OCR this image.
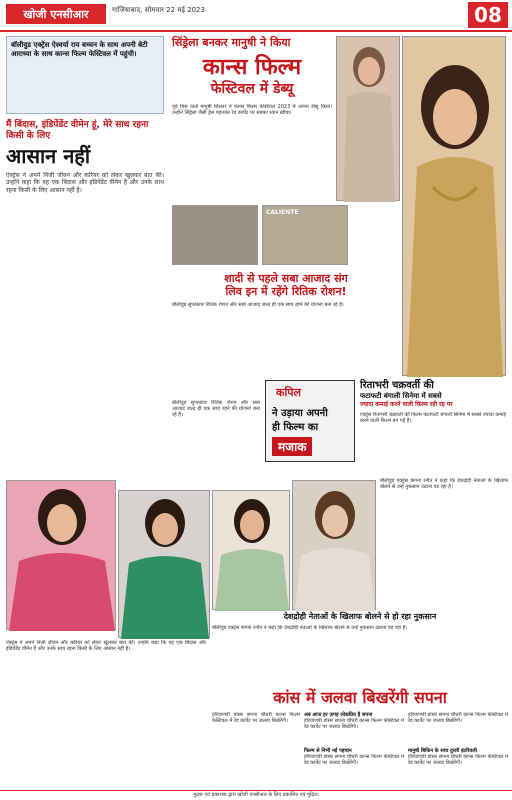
खोजी एनसीआर	गाजियाबाद, सोमवार 22 मई 2023	08
बॉलीवुड एक्ट्रेस ऐश्वर्या राय बच्चन के साथ अपनी बेटी आराध्या के साथ कान्स फिल्म फेस्टिवल में पहुंची।
मैं बिंदास, इंडिपेंडेंट वीमेन हूं, मेरे साथ रहना किसी के लिए
आसान नहीं
ऐक्ट्रेस ने अपने निजी जीवन और करियर को लेकर खुलकर बात की। उन्होंने कहा कि वह एक बिंदास और इंडिपेंडेंट वीमेन हैं और उनके साथ रहना किसी के लिए आसान नहीं है।
सिंड्रेला बनकर मानुषी ने किया
कान्स फिल्म
फेस्टिवल में डेब्यू
पूर्व मिस वर्ल्ड मानुषी छिल्लर ने कान्स फिल्म फेस्टिवल 2023 में अपना डेब्यू किया। उन्होंने सिंड्रेला जैसी ड्रेस पहनकर रेड कार्पेट पर सबका ध्यान खींचा।
CALIENTE
शादी से पहले सबा आजाद संग
लिव इन में रहेंगे रितिक रोशन!
बॉलीवुड सुपरस्टार रितिक रोशन और सबा आजाद जल्द ही एक साथ रहने की योजना बना रहे हैं।
कपिल
ने उड़ाया अपनी
ही फिल्म का
मजाक
बॉलीवुड सुपरस्टार रितिक रोशन और सबा आजाद जल्द ही एक साथ रहने की योजना बना रहे हैं।
रिताभरी चक्रवर्ती की
फटाफटी बंगाली सिनेमा में सबसे
ज्यादा कमाई करने वाली फिल्म रही रह पर
एक्ट्रेस रिताभरी चक्रवर्ती की फिल्म फटाफटी बंगाली सिनेमा में सबसे ज्यादा कमाई करने वाली फिल्म बन गई है।
देशद्रोही नेताओं के खिलाफ बोलने से हो रहा नुकसान
बॉलीवुड एक्ट्रेस कंगना रनौत ने कहा कि देशद्रोही नेताओं के खिलाफ बोलने से उन्हें नुकसान उठाना पड़ रहा है।
बॉलीवुड एक्ट्रेस कंगना रनौत ने कहा कि देशद्रोही नेताओं के खिलाफ बोलने से उन्हें नुकसान उठाना पड़ रहा है।
कांस में जलवा बिखरेंगी सपना
हरियाणवी डांसर सपना चौधरी कान्स फिल्म फेस्टिवल में रेड कार्पेट पर जलवा बिखेरेंगी।
अब आज हर ज़गह लोकप्रिय है सपना
हरियाणवी डांसर सपना चौधरी कान्स फिल्म फेस्टिवल में रेड कार्पेट पर जलवा बिखेरेंगी।
फिल्म से निभी नई पहचान
हरियाणवी डांसर सपना चौधरी कान्स फिल्म फेस्टिवल में रेड कार्पेट पर जलवा बिखेरेंगी।
हरियाणवी डांसर सपना चौधरी कान्स फिल्म फेस्टिवल में रेड कार्पेट पर जलवा बिखेरेंगी।
मानुषी बिकिन के साथ दुसरी इंटरिवली
हरियाणवी डांसर सपना चौधरी कान्स फिल्म फेस्टिवल में रेड कार्पेट पर जलवा बिखेरेंगी।
ऐक्ट्रेस ने अपने निजी जीवन और करियर को लेकर खुलकर बात की। उन्होंने कहा कि वह एक बिंदास और इंडिपेंडेंट वीमेन हैं और उनके साथ रहना किसी के लिए आसान नहीं है।
मुद्रक एवं प्रकाशक द्वारा खोजी एनसीआर के लिए प्रकाशित एवं मुद्रित।
